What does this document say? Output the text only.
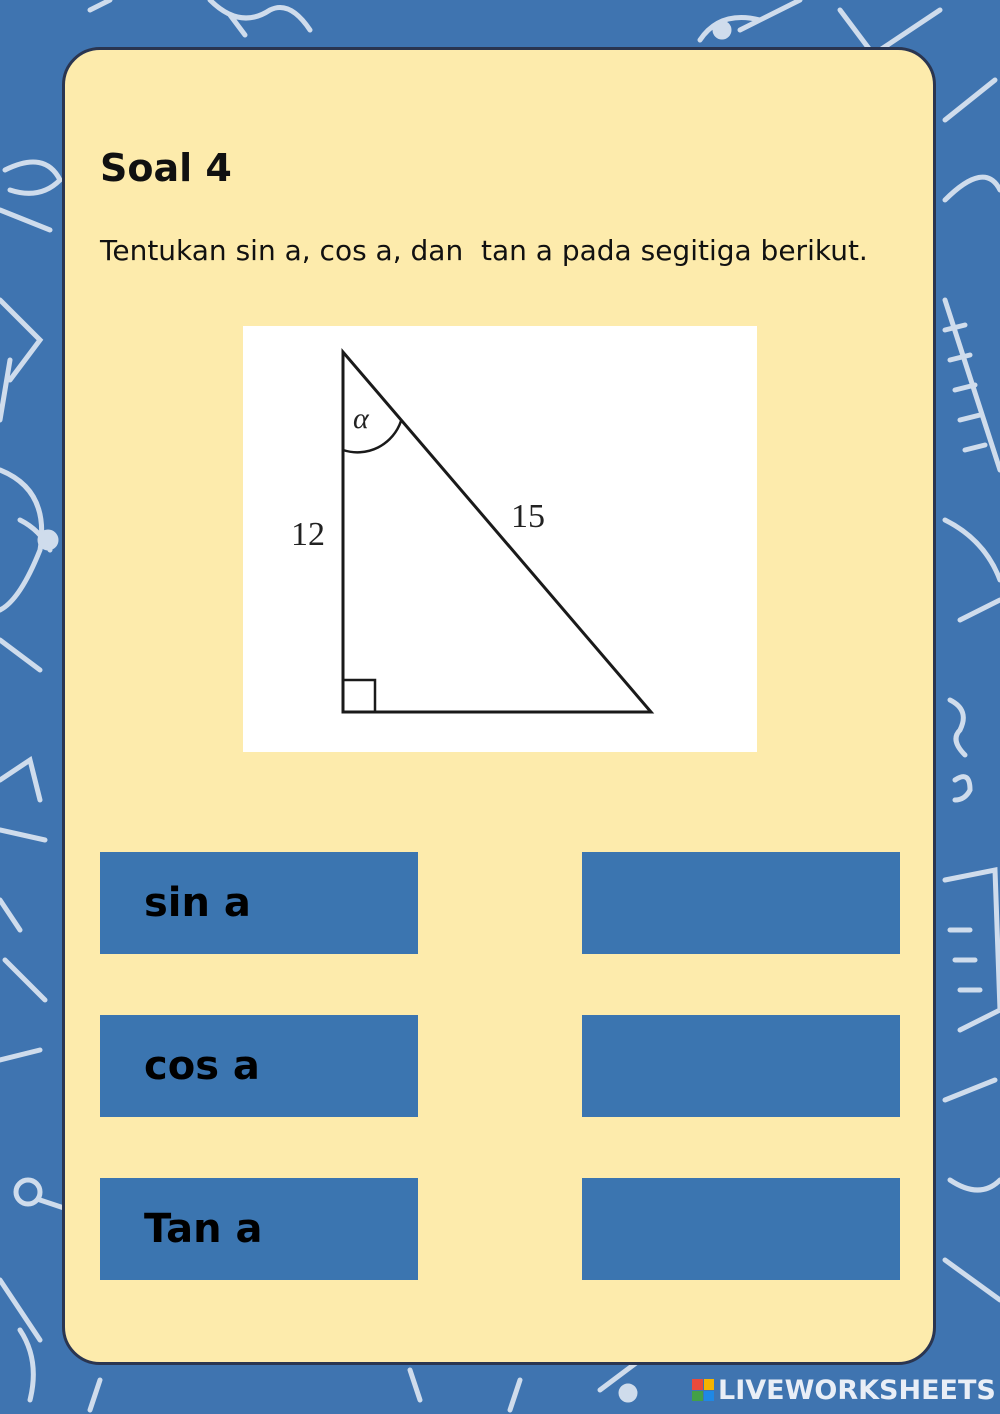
Soal 4

Tentukan sin a, cos a, dan  tan a pada segitiga berikut.

α
12	15
sin a
cos a
Tan a
LIVEWORKSHEETS
